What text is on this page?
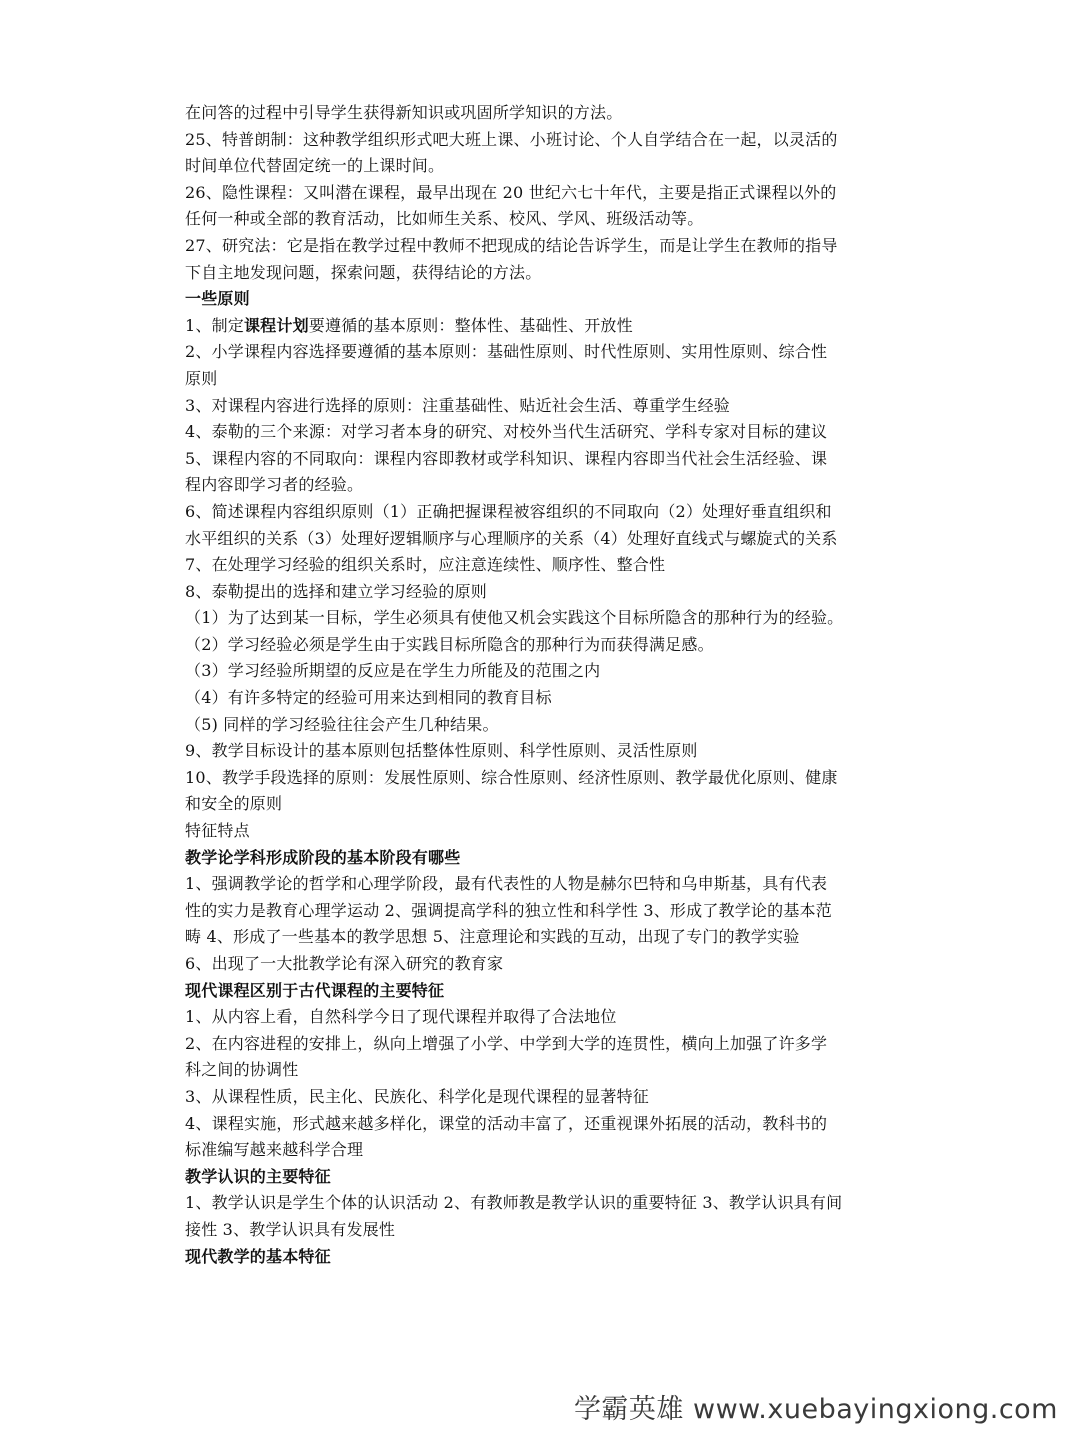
在问答的过程中引导学生获得新知识或巩固所学知识的方法。
25、特普朗制：这种教学组织形式吧大班上课、小班讨论、个人自学结合在一起，以灵活的
时间单位代替固定统一的上课时间。
26、隐性课程：又叫潜在课程，最早出现在 20 世纪六七十年代，主要是指正式课程以外的
任何一种或全部的教育活动，比如师生关系、校风、学风、班级活动等。
27、研究法：它是指在教学过程中教师不把现成的结论告诉学生，而是让学生在教师的指导
下自主地发现问题，探索问题，获得结论的方法。
一些原则
1、制定课程计划要遵循的基本原则：整体性、基础性、开放性
2、小学课程内容选择要遵循的基本原则：基础性原则、时代性原则、实用性原则、综合性
原则
3、对课程内容进行选择的原则：注重基础性、贴近社会生活、尊重学生经验
4、泰勒的三个来源：对学习者本身的研究、对校外当代生活研究、学科专家对目标的建议
5、课程内容的不同取向：课程内容即教材或学科知识、课程内容即当代社会生活经验、课
程内容即学习者的经验。
6、简述课程内容组织原则（1）正确把握课程被容组织的不同取向（2）处理好垂直组织和
水平组织的关系（3）处理好逻辑顺序与心理顺序的关系（4）处理好直线式与螺旋式的关系
7、在处理学习经验的组织关系时，应注意连续性、顺序性、整合性
8、泰勒提出的选择和建立学习经验的原则
（1）为了达到某一目标，学生必须具有使他又机会实践这个目标所隐含的那种行为的经验。
（2）学习经验必须是学生由于实践目标所隐含的那种行为而获得满足感。
（3）学习经验所期望的反应是在学生力所能及的范围之内
（4）有许多特定的经验可用来达到相同的教育目标
（5) 同样的学习经验往往会产生几种结果。
9、教学目标设计的基本原则包括整体性原则、科学性原则、灵活性原则
10、教学手段选择的原则：发展性原则、综合性原则、经济性原则、教学最优化原则、健康
和安全的原则
特征特点
教学论学科形成阶段的基本阶段有哪些
1、强调教学论的哲学和心理学阶段，最有代表性的人物是赫尔巴特和乌申斯基，具有代表
性的实力是教育心理学运动 2、强调提高学科的独立性和科学性 3、形成了教学论的基本范
畴 4、形成了一些基本的教学思想 5、注意理论和实践的互动，出现了专门的教学实验
6、出现了一大批教学论有深入研究的教育家
现代课程区别于古代课程的主要特征
1、从内容上看，自然科学今日了现代课程并取得了合法地位
2、在内容进程的安排上，纵向上增强了小学、中学到大学的连贯性，横向上加强了许多学
科之间的协调性
3、从课程性质，民主化、民族化、科学化是现代课程的显著特征
4、课程实施，形式越来越多样化，课堂的活动丰富了，还重视课外拓展的活动，教科书的
标准编写越来越科学合理
教学认识的主要特征
1、教学认识是学生个体的认识活动 2、有教师教是教学认识的重要特征 3、教学认识具有间
接性 3、教学认识具有发展性
现代教学的基本特征
学霸英雄 www.xuebayingxiong.com
